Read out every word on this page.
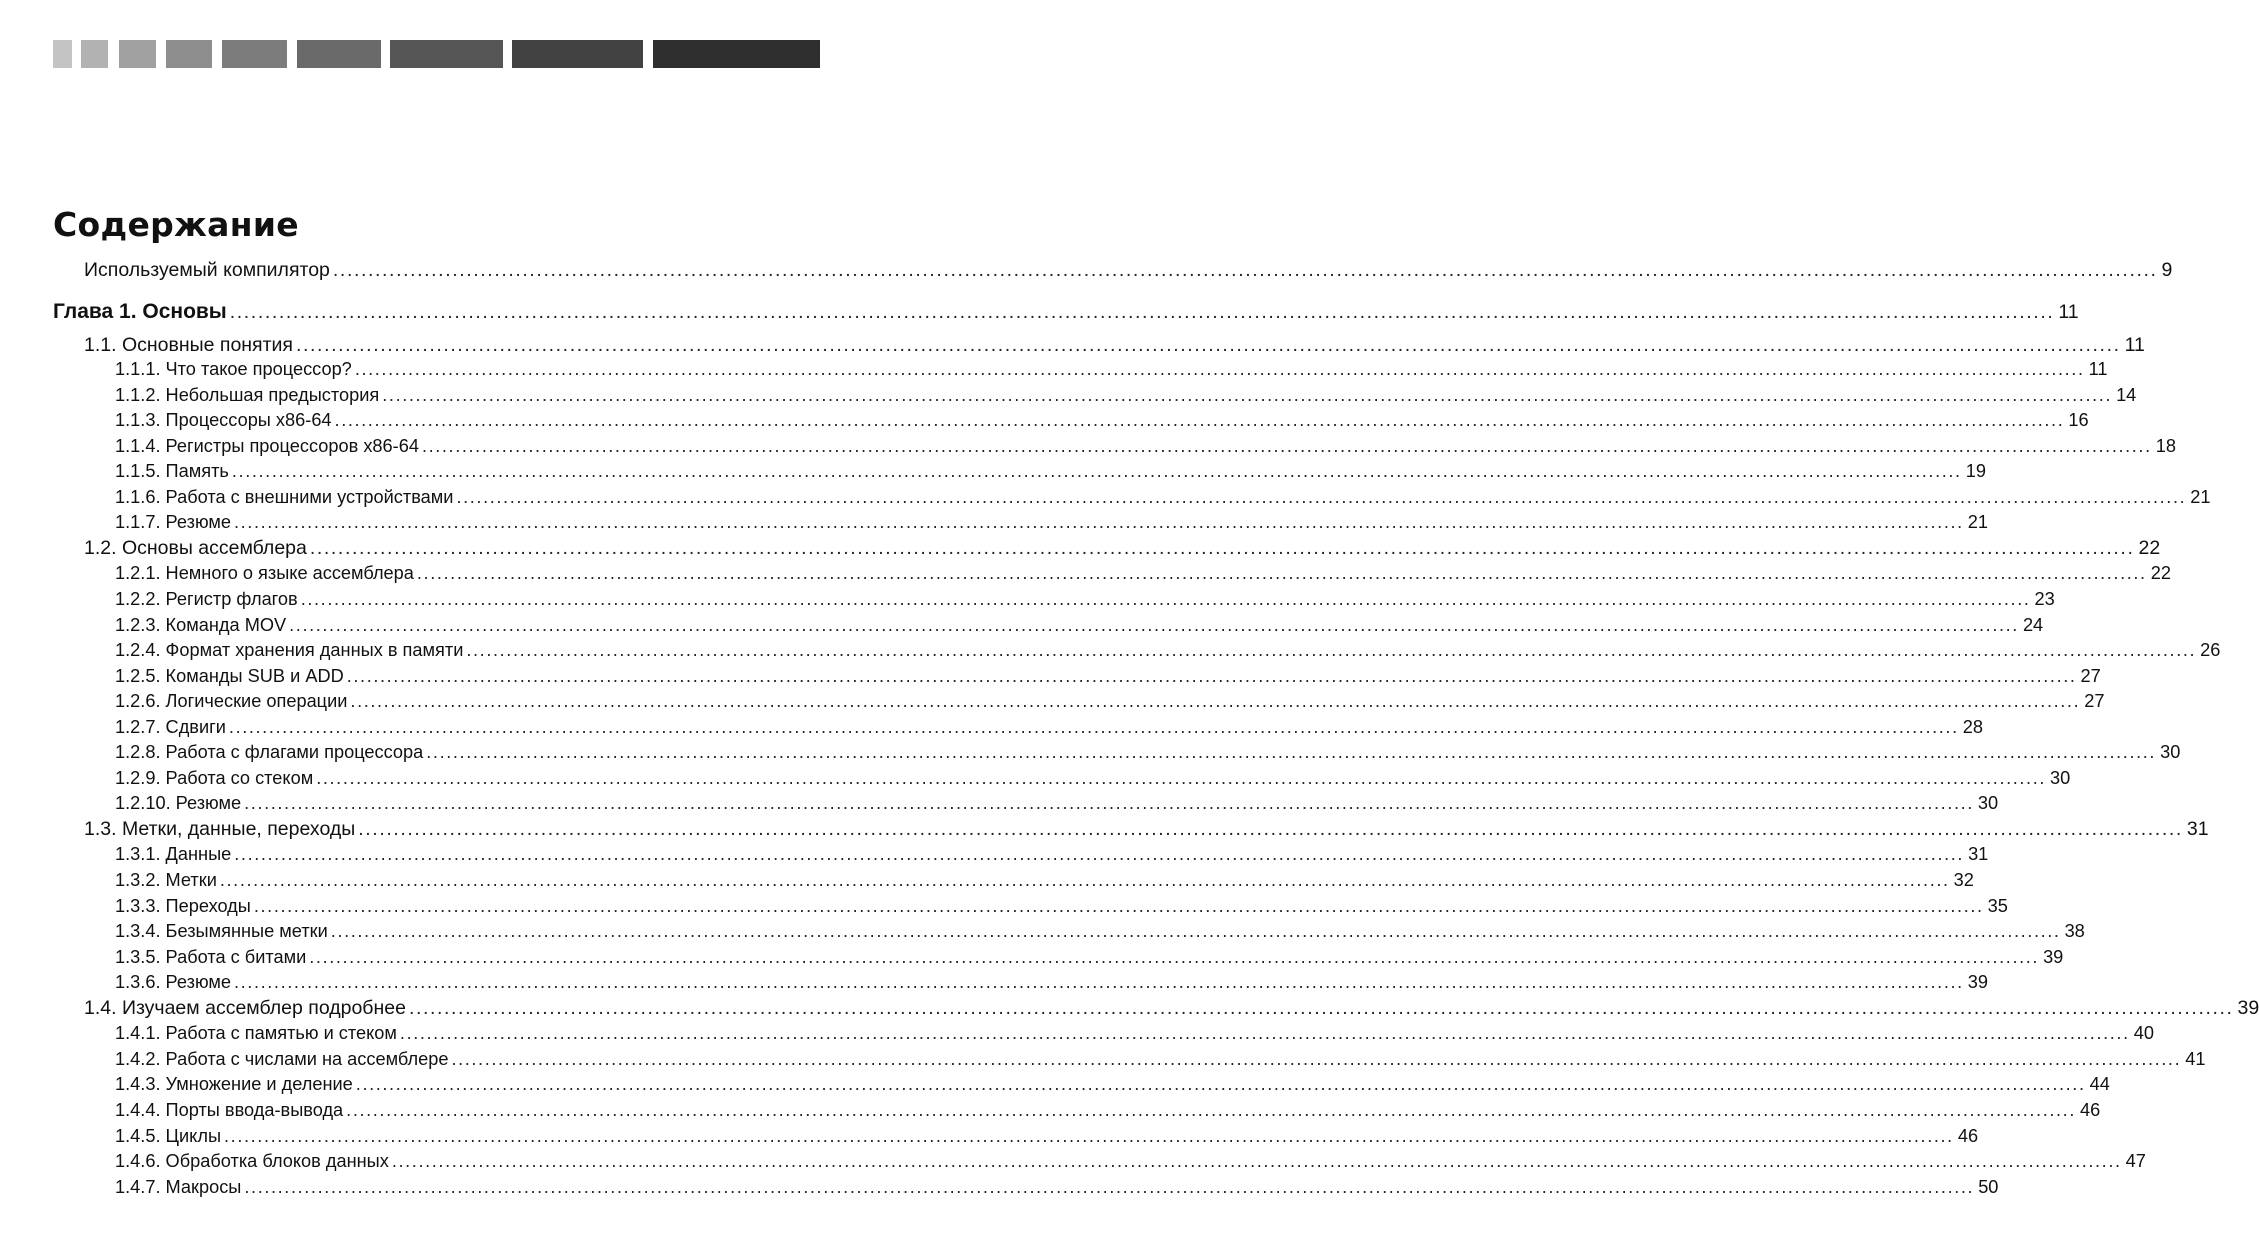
Содержание
Используемый компилятор .................................................................................................................................................................................................................................................................... 9
Глава 1. Основы .................................................................................................................................................................................................................................................................... 11
1.1. Основные понятия .................................................................................................................................................................................................................................................................... 11
1.1.1. Что такое процессор? .................................................................................................................................................................................................................................................................... 11
1.1.2. Небольшая предыстория .................................................................................................................................................................................................................................................................... 14
1.1.3. Процессоры x86-64 .................................................................................................................................................................................................................................................................... 16
1.1.4. Регистры процессоров x86-64 .................................................................................................................................................................................................................................................................... 18
1.1.5. Память .................................................................................................................................................................................................................................................................... 19
1.1.6. Работа с внешними устройствами .................................................................................................................................................................................................................................................................... 21
1.1.7. Резюме .................................................................................................................................................................................................................................................................... 21
1.2. Основы ассемблера .................................................................................................................................................................................................................................................................... 22
1.2.1. Немного о языке ассемблера .................................................................................................................................................................................................................................................................... 22
1.2.2. Регистр флагов .................................................................................................................................................................................................................................................................... 23
1.2.3. Команда MOV .................................................................................................................................................................................................................................................................... 24
1.2.4. Формат хранения данных в памяти .................................................................................................................................................................................................................................................................... 26
1.2.5. Команды SUB и ADD .................................................................................................................................................................................................................................................................... 27
1.2.6. Логические операции .................................................................................................................................................................................................................................................................... 27
1.2.7. Сдвиги .................................................................................................................................................................................................................................................................... 28
1.2.8. Работа с флагами процессора .................................................................................................................................................................................................................................................................... 30
1.2.9. Работа со стеком .................................................................................................................................................................................................................................................................... 30
1.2.10. Резюме .................................................................................................................................................................................................................................................................... 30
1.3. Метки, данные, переходы .................................................................................................................................................................................................................................................................... 31
1.3.1. Данные .................................................................................................................................................................................................................................................................... 31
1.3.2. Метки .................................................................................................................................................................................................................................................................... 32
1.3.3. Переходы .................................................................................................................................................................................................................................................................... 35
1.3.4. Безымянные метки .................................................................................................................................................................................................................................................................... 38
1.3.5. Работа с битами .................................................................................................................................................................................................................................................................... 39
1.3.6. Резюме .................................................................................................................................................................................................................................................................... 39
1.4. Изучаем ассемблер подробнее .................................................................................................................................................................................................................................................................... 39
1.4.1. Работа с памятью и стеком .................................................................................................................................................................................................................................................................... 40
1.4.2. Работа с числами на ассемблере .................................................................................................................................................................................................................................................................... 41
1.4.3. Умножение и деление .................................................................................................................................................................................................................................................................... 44
1.4.4. Порты ввода-вывода .................................................................................................................................................................................................................................................................... 46
1.4.5. Циклы .................................................................................................................................................................................................................................................................... 46
1.4.6. Обработка блоков данных .................................................................................................................................................................................................................................................................... 47
1.4.7. Макросы .................................................................................................................................................................................................................................................................... 50
